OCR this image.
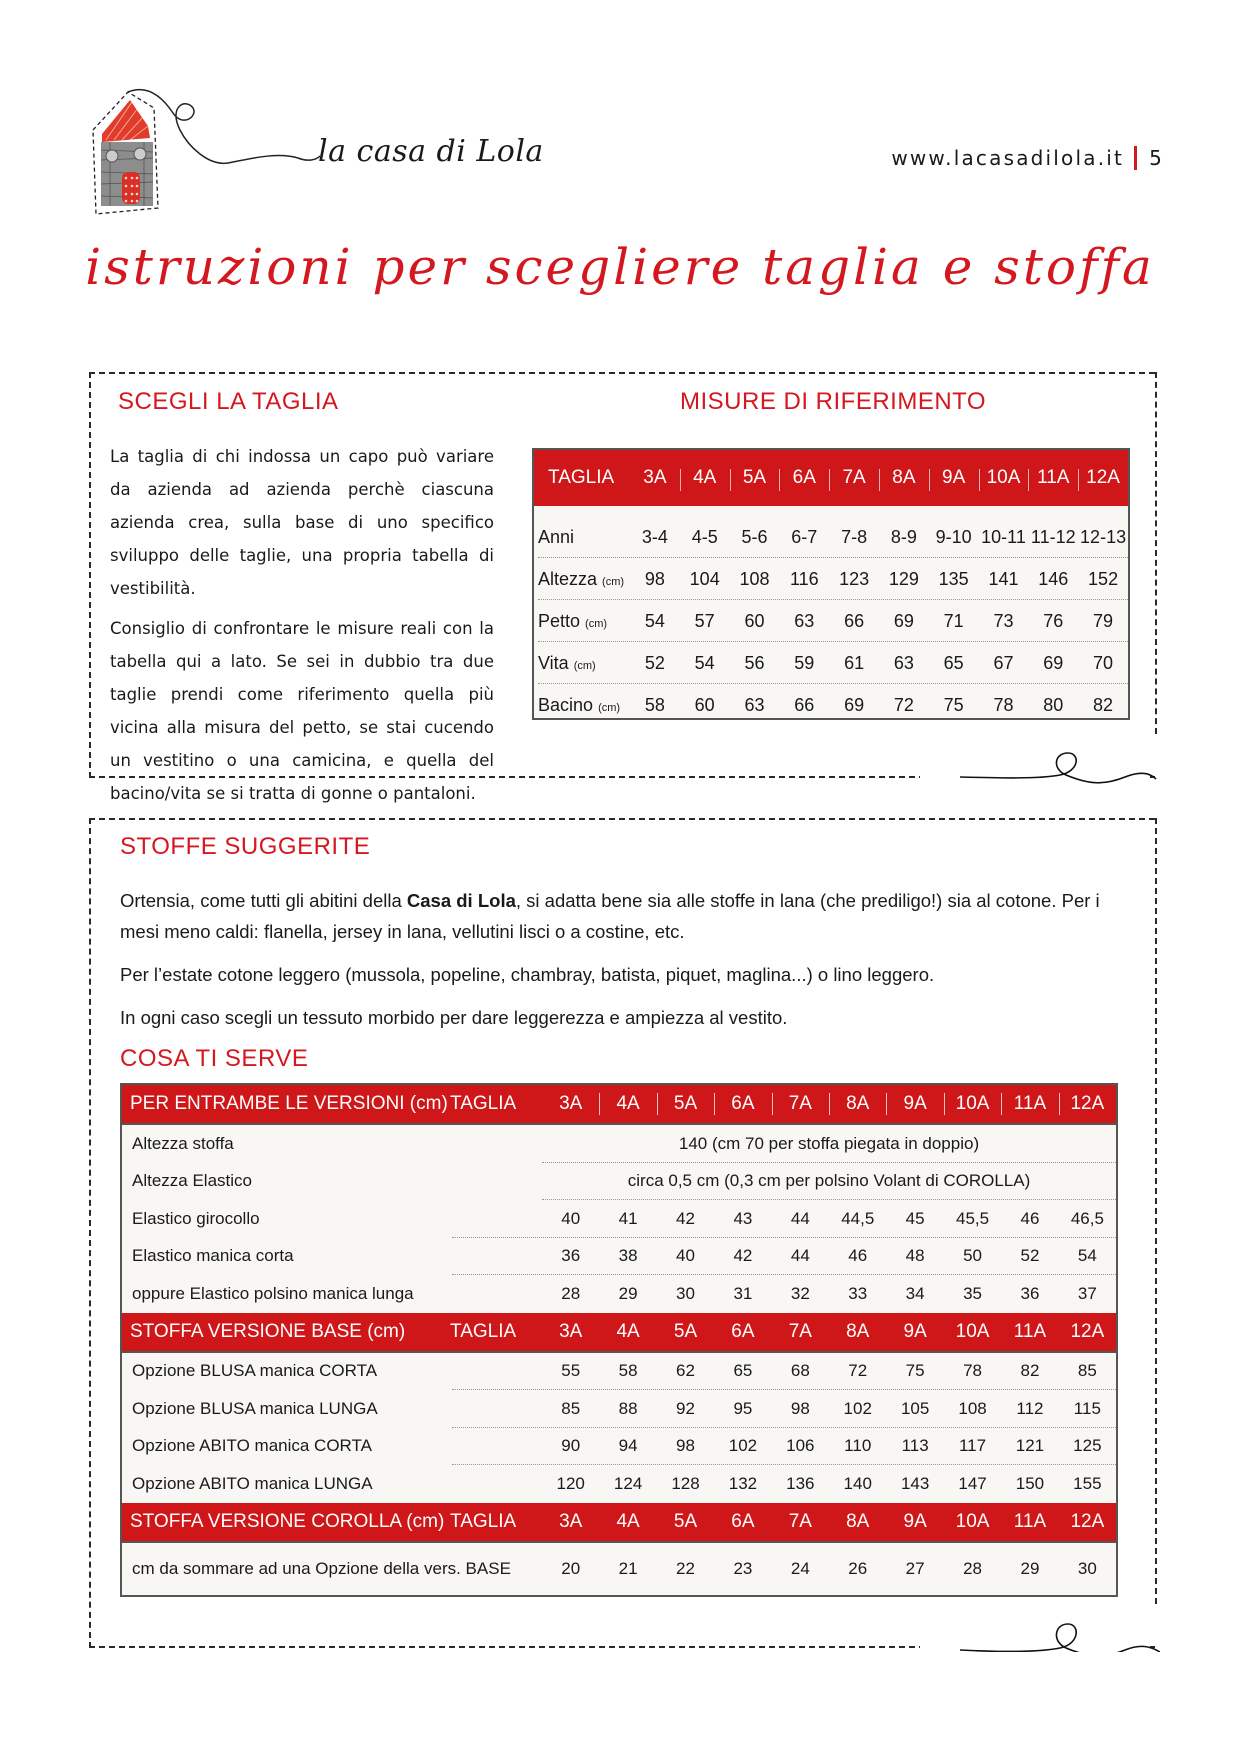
la casa di Lola	www.lacasadilola.it 5
istruzioni per scegliere taglia e stoffa
SCEGLI LA TAGLIA

La taglia di chi indossa un capo può variare da azienda ad azienda perchè ciascuna azienda crea, sulla base di uno specifico sviluppo delle taglie, una propria tabella di vestibilità.

Consiglio di confrontare le misure reali con la tabella qui a lato. Se sei in dubbio tra due taglie prendi come riferimento quella più vicina alla misura del petto, se stai cucendo un vestitino o una camicina, e quella del bacino/vita se si tratta di gonne o pantaloni.

MISURE DI RIFERIMENTO
TAGLIA	3A	4A	5A	6A	7A	8A	9A	10A 11A 12A
Anni	3-4	4-5	5-6	6-7	7-8	8-9	9-10 10-11 11-12 12-13
Altezza (cm)	98	104	108	116	123	129	135	141	146	152
Petto (cm)	54	57	60	63	66	69	71	73	76	79
Vita (cm)	52	54	56	59	61	63	65	67	69	70
Bacino (cm)	58	60	63	66	69	72	75	78	80	82
STOFFE SUGGERITE

Ortensia, come tutti gli abitini della Casa di Lola, si adatta bene sia alle stoffe in lana (che prediligo!) sia al cotone. Per i mesi meno caldi: flanella, jersey in lana, vellutini lisci o a costine, etc.

Per l’estate cotone leggero (mussola, popeline, chambray, batista, piquet, maglina...) o lino leggero.

In ogni caso scegli un tessuto morbido per dare leggerezza e ampiezza al vestito.

COSA TI SERVE
PER ENTRAMBE LE VERSIONI (cm) TAGLIA	3A	4A	5A	6A	7A	8A	9A	10A	11A	12A
Altezza stoffa	140 (cm 70 per stoffa piegata in doppio)
Altezza Elastico	circa 0,5 cm (0,3 cm per polsino Volant di COROLLA)
Elastico girocollo	40	41	42	43	44	44,5	45	45,5	46	46,5
Elastico manica corta	36	38	40	42	44	46	48	50	52	54
oppure Elastico polsino manica lunga	28	29	30	31	32	33	34	35	36	37
STOFFA VERSIONE BASE (cm)	TAGLIA	3A	4A	5A	6A	7A	8A	9A	10A	11A	12A
Opzione BLUSA manica CORTA	55	58	62	65	68	72	75	78	82	85
Opzione BLUSA manica LUNGA	85	88	92	95	98	102	105	108	112	115
Opzione ABITO manica CORTA	90	94	98	102	106	110	113	117	121	125
Opzione ABITO manica LUNGA	120	124	128	132	136	140	143	147	150	155
STOFFA VERSIONE COROLLA (cm) TAGLIA	3A	4A	5A	6A	7A	8A	9A	10A	11A	12A
cm da sommare ad una Opzione della vers. BASE	20	21	22	23	24	26	27	28	29	30
